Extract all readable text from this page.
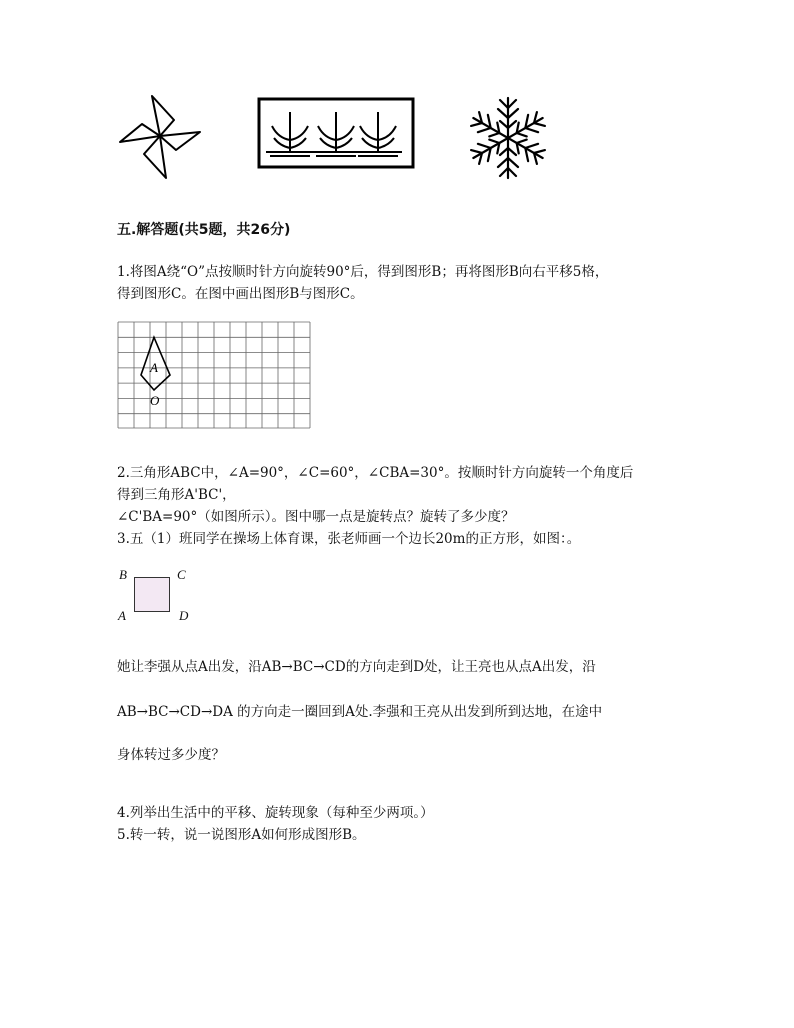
五.解答题(共5题，共26分)
1.将图A绕“O”点按顺时针方向旋转90°后，得到图形B；再将图形B向右平移5格，
得到图形C。在图中画出图形B与图形C。
A
O
2.三角形ABC中，∠A=90°，∠C=60°，∠CBA=30°。按顺时针方向旋转一个角度后
得到三角形A'BC'，
∠C'BA=90°（如图所示）。图中哪一点是旋转点？旋转了多少度？
3.五（1）班同学在操场上体育课，张老师画一个边长20m的正方形，如图：。
B	C
A	D
她让李强从点A出发，沿AB→BC→CD的方向走到D处，让王亮也从点A出发，沿
AB→BC→CD→DA 的方向走一圈回到A处.李强和王亮从出发到所到达地，在途中
身体转过多少度？
4.列举出生活中的平移、旋转现象（每种至少两项。）
5.转一转，说一说图形A如何形成图形B。
